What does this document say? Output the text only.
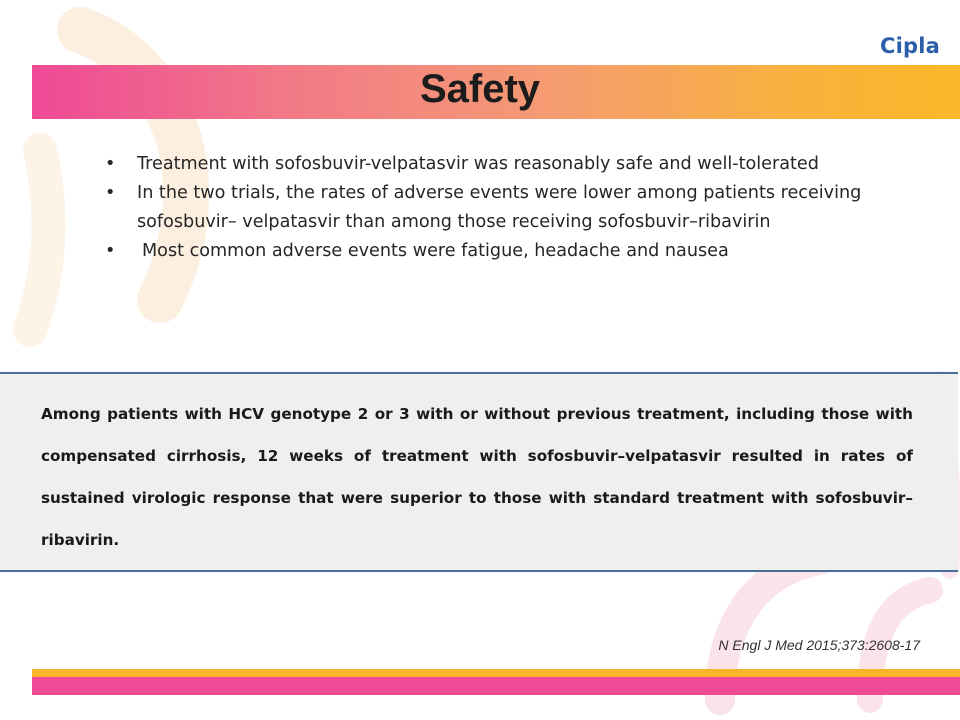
Cipla
Safety
• Treatment with sofosbuvir-velpatasvir was reasonably safe and well-tolerated
• In the two trials, the rates of adverse events were lower among patients receiving sofosbuvir– velpatasvir than among those receiving sofosbuvir–ribavirin
• Most common adverse events were fatigue, headache and nausea

Among patients with HCV genotype 2 or 3 with or without previous treatment, including those with compensated cirrhosis, 12 weeks of treatment with sofosbuvir–velpatasvir resulted in rates of sustained virologic response that were superior to those with standard treatment with sofosbuvir–ribavirin.

N Engl J Med 2015;373:2608-17
